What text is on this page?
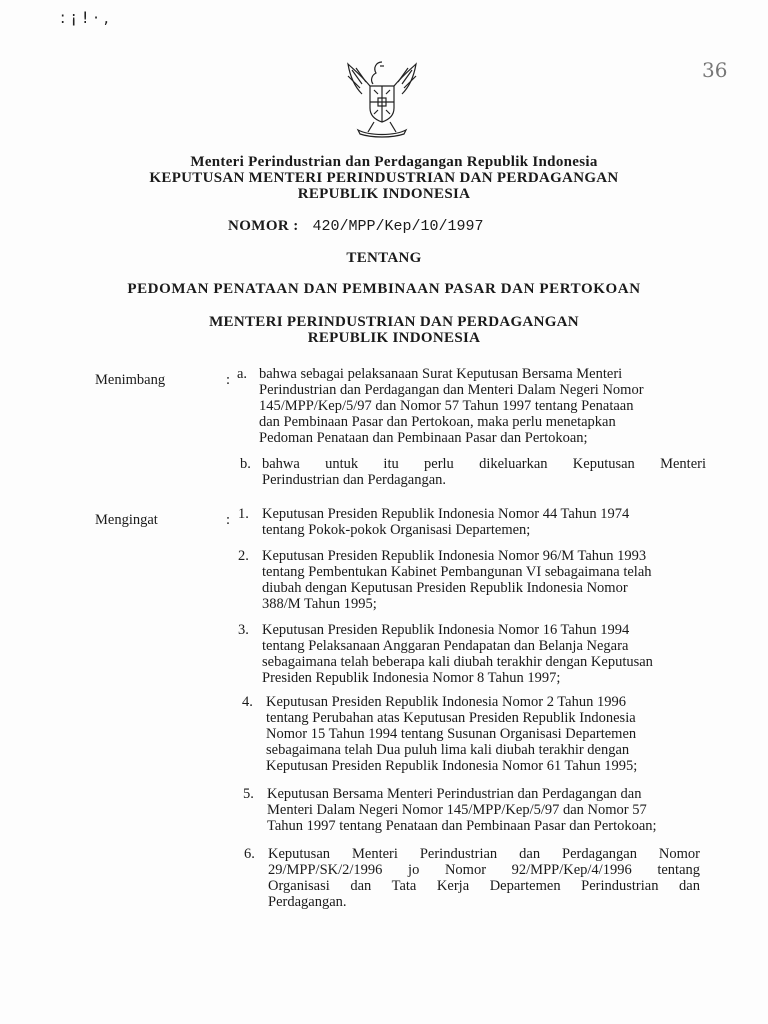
: ¡ ! · ,
36
Menteri Perindustrian dan Perdagangan Republik Indonesia
KEPUTUSAN MENTERI PERINDUSTRIAN DAN PERDAGANGAN
REPUBLIK INDONESIA
NOMOR : 420/MPP/Kep/10/1997
TENTANG
PEDOMAN PENATAAN DAN PEMBINAAN PASAR DAN PERTOKOAN
MENTERI PERINDUSTRIAN DAN PERDAGANGAN
REPUBLIK INDONESIA
Menimbang	: a. bahwa sebagai pelaksanaan Surat Keputusan Bersama Menteri
Perindustrian dan Perdagangan dan Menteri Dalam Negeri Nomor
145/MPP/Kep/5/97 dan Nomor 57 Tahun 1997 tentang Penataan
dan Pembinaan Pasar dan Pertokoan, maka perlu menetapkan
Pedoman Penataan dan Pembinaan Pasar dan Pertokoan;
b. bahwa untuk itu perlu dikeluarkan Keputusan Menteri
Perindustrian dan Perdagangan.
Mengingat	: 1. Keputusan Presiden Republik Indonesia Nomor 44 Tahun 1974
tentang Pokok-pokok Organisasi Departemen;
2. Keputusan Presiden Republik Indonesia Nomor 96/M Tahun 1993
tentang Pembentukan Kabinet Pembangunan VI sebagaimana telah
diubah dengan Keputusan Presiden Republik Indonesia Nomor
388/M Tahun 1995;
3. Keputusan Presiden Republik Indonesia Nomor 16 Tahun 1994
tentang Pelaksanaan Anggaran Pendapatan dan Belanja Negara
sebagaimana telah beberapa kali diubah terakhir dengan Keputusan
Presiden Republik Indonesia Nomor 8 Tahun 1997;
4. Keputusan Presiden Republik Indonesia Nomor 2 Tahun 1996
tentang Perubahan atas Keputusan Presiden Republik Indonesia
Nomor 15 Tahun 1994 tentang Susunan Organisasi Departemen
sebagaimana telah Dua puluh lima kali diubah terakhir dengan
Keputusan Presiden Republik Indonesia Nomor 61 Tahun 1995;
5. Keputusan Bersama Menteri Perindustrian dan Perdagangan dan
Menteri Dalam Negeri Nomor 145/MPP/Kep/5/97 dan Nomor 57
Tahun 1997 tentang Penataan dan Pembinaan Pasar dan Pertokoan;
6. Keputusan Menteri Perindustrian dan Perdagangan Nomor
29/MPP/SK/2/1996 jo Nomor 92/MPP/Kep/4/1996 tentang
Organisasi dan Tata Kerja Departemen Perindustrian dan
Perdagangan.
